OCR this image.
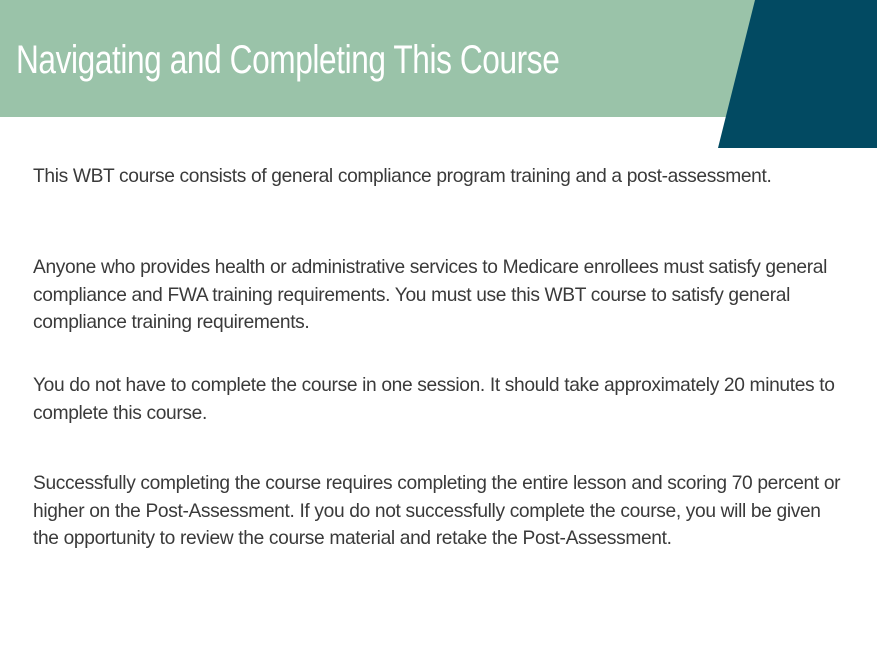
Navigating and Completing This Course

This WBT course consists of general compliance program training and a post-assessment.

Anyone who provides health or administrative services to Medicare enrollees must satisfy general compliance and FWA training requirements. You must use this WBT course to satisfy general compliance training requirements.

You do not have to complete the course in one session. It should take approximately 20 minutes to complete this course.

Successfully completing the course requires completing the entire lesson and scoring 70 percent or higher on the Post-Assessment. If you do not successfully complete the course, you will be given the opportunity to review the course material and retake the Post-Assessment.
